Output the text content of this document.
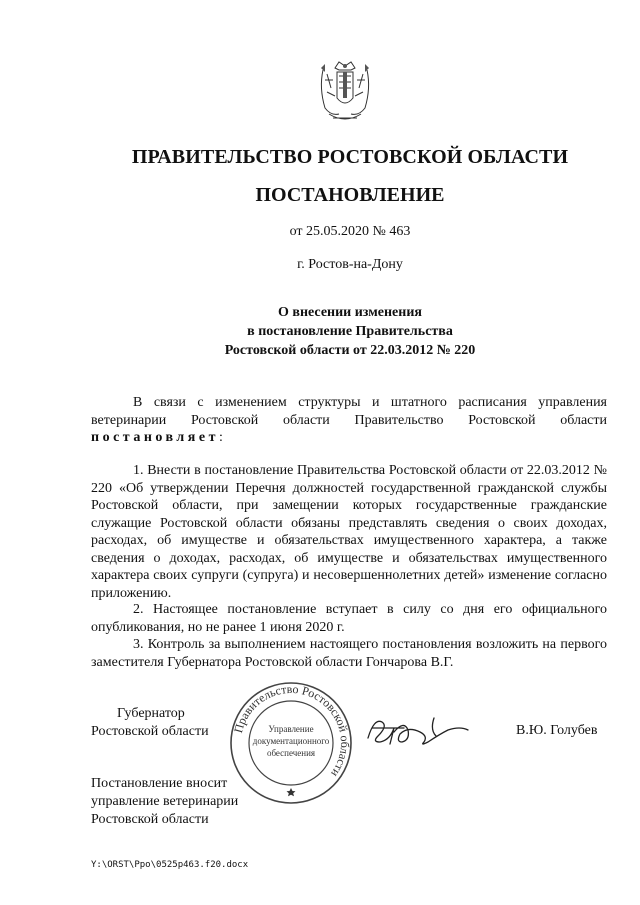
ПРАВИТЕЛЬСТВО РОСТОВСКОЙ ОБЛАСТИ
ПОСТАНОВЛЕНИЕ
от 25.05.2020 № 463
г. Ростов-на-Дону
О внесении изменения
в постановление Правительства
Ростовской области от 22.03.2012 № 220
В связи с изменением структуры и штатного расписания управления ветеринарии Ростовской области Правительство Ростовской области постановляет:
1. Внести в постановление Правительства Ростовской области от 22.03.2012 № 220 «Об утверждении Перечня должностей государственной гражданской службы Ростовской области, при замещении которых государственные гражданские служащие Ростовской области обязаны представлять сведения о своих доходах, расходах, об имуществе и обязательствах имущественного характера, а также сведения о доходах, расходах, об имуществе и обязательствах имущественного характера своих супруги (супруга) и несовершеннолетних детей» изменение согласно приложению.
2. Настоящее постановление вступает в силу со дня его официального опубликования, но не ранее 1 июня 2020 г.
3. Контроль за выполнением настоящего постановления возложить на первого заместителя Губернатора Ростовской области Гончарова В.Г.
Правительство Ростовской области
Управление
документационного
обеспечения
Губернатор
Ростовской области	В.Ю. Голубев
Постановление вносит
управление ветеринарии
Ростовской области
Y:\ORST\Ppo\0525p463.f20.docx
